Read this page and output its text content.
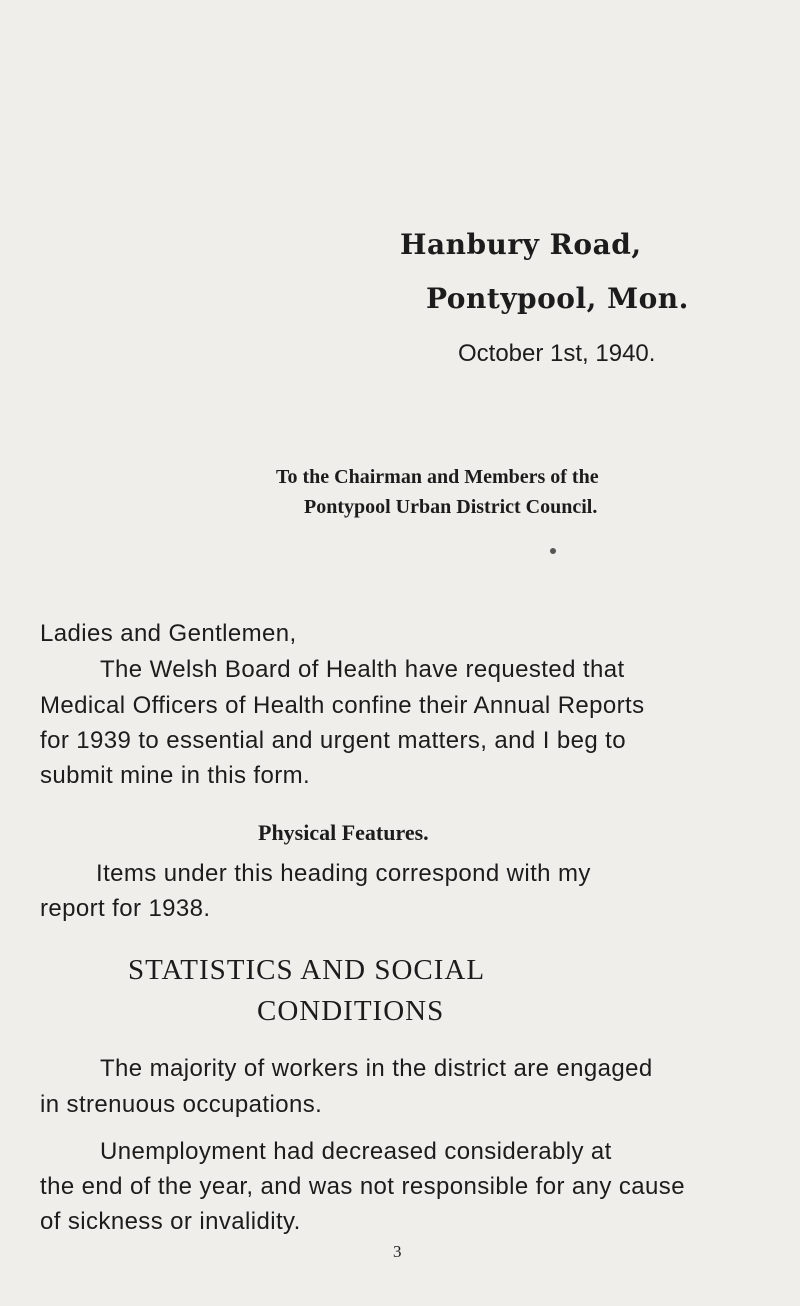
Hanbury Road,
Pontypool, Mon.
October 1st, 1940.
To the Chairman and Members of the
Pontypool Urban District Council.
Ladies and Gentlemen,
The Welsh Board of Health have requested that
Medical Officers of Health confine their Annual Reports
for 1939 to essential and urgent matters, and I beg to
submit mine in this form.
Physical Features.
Items under this heading correspond with my
report for 1938.
STATISTICS AND SOCIAL
CONDITIONS
The majority of workers in the district are engaged
in strenuous occupations.
Unemployment had decreased considerably at
the end of the year, and was not responsible for any cause
of sickness or invalidity.
3
